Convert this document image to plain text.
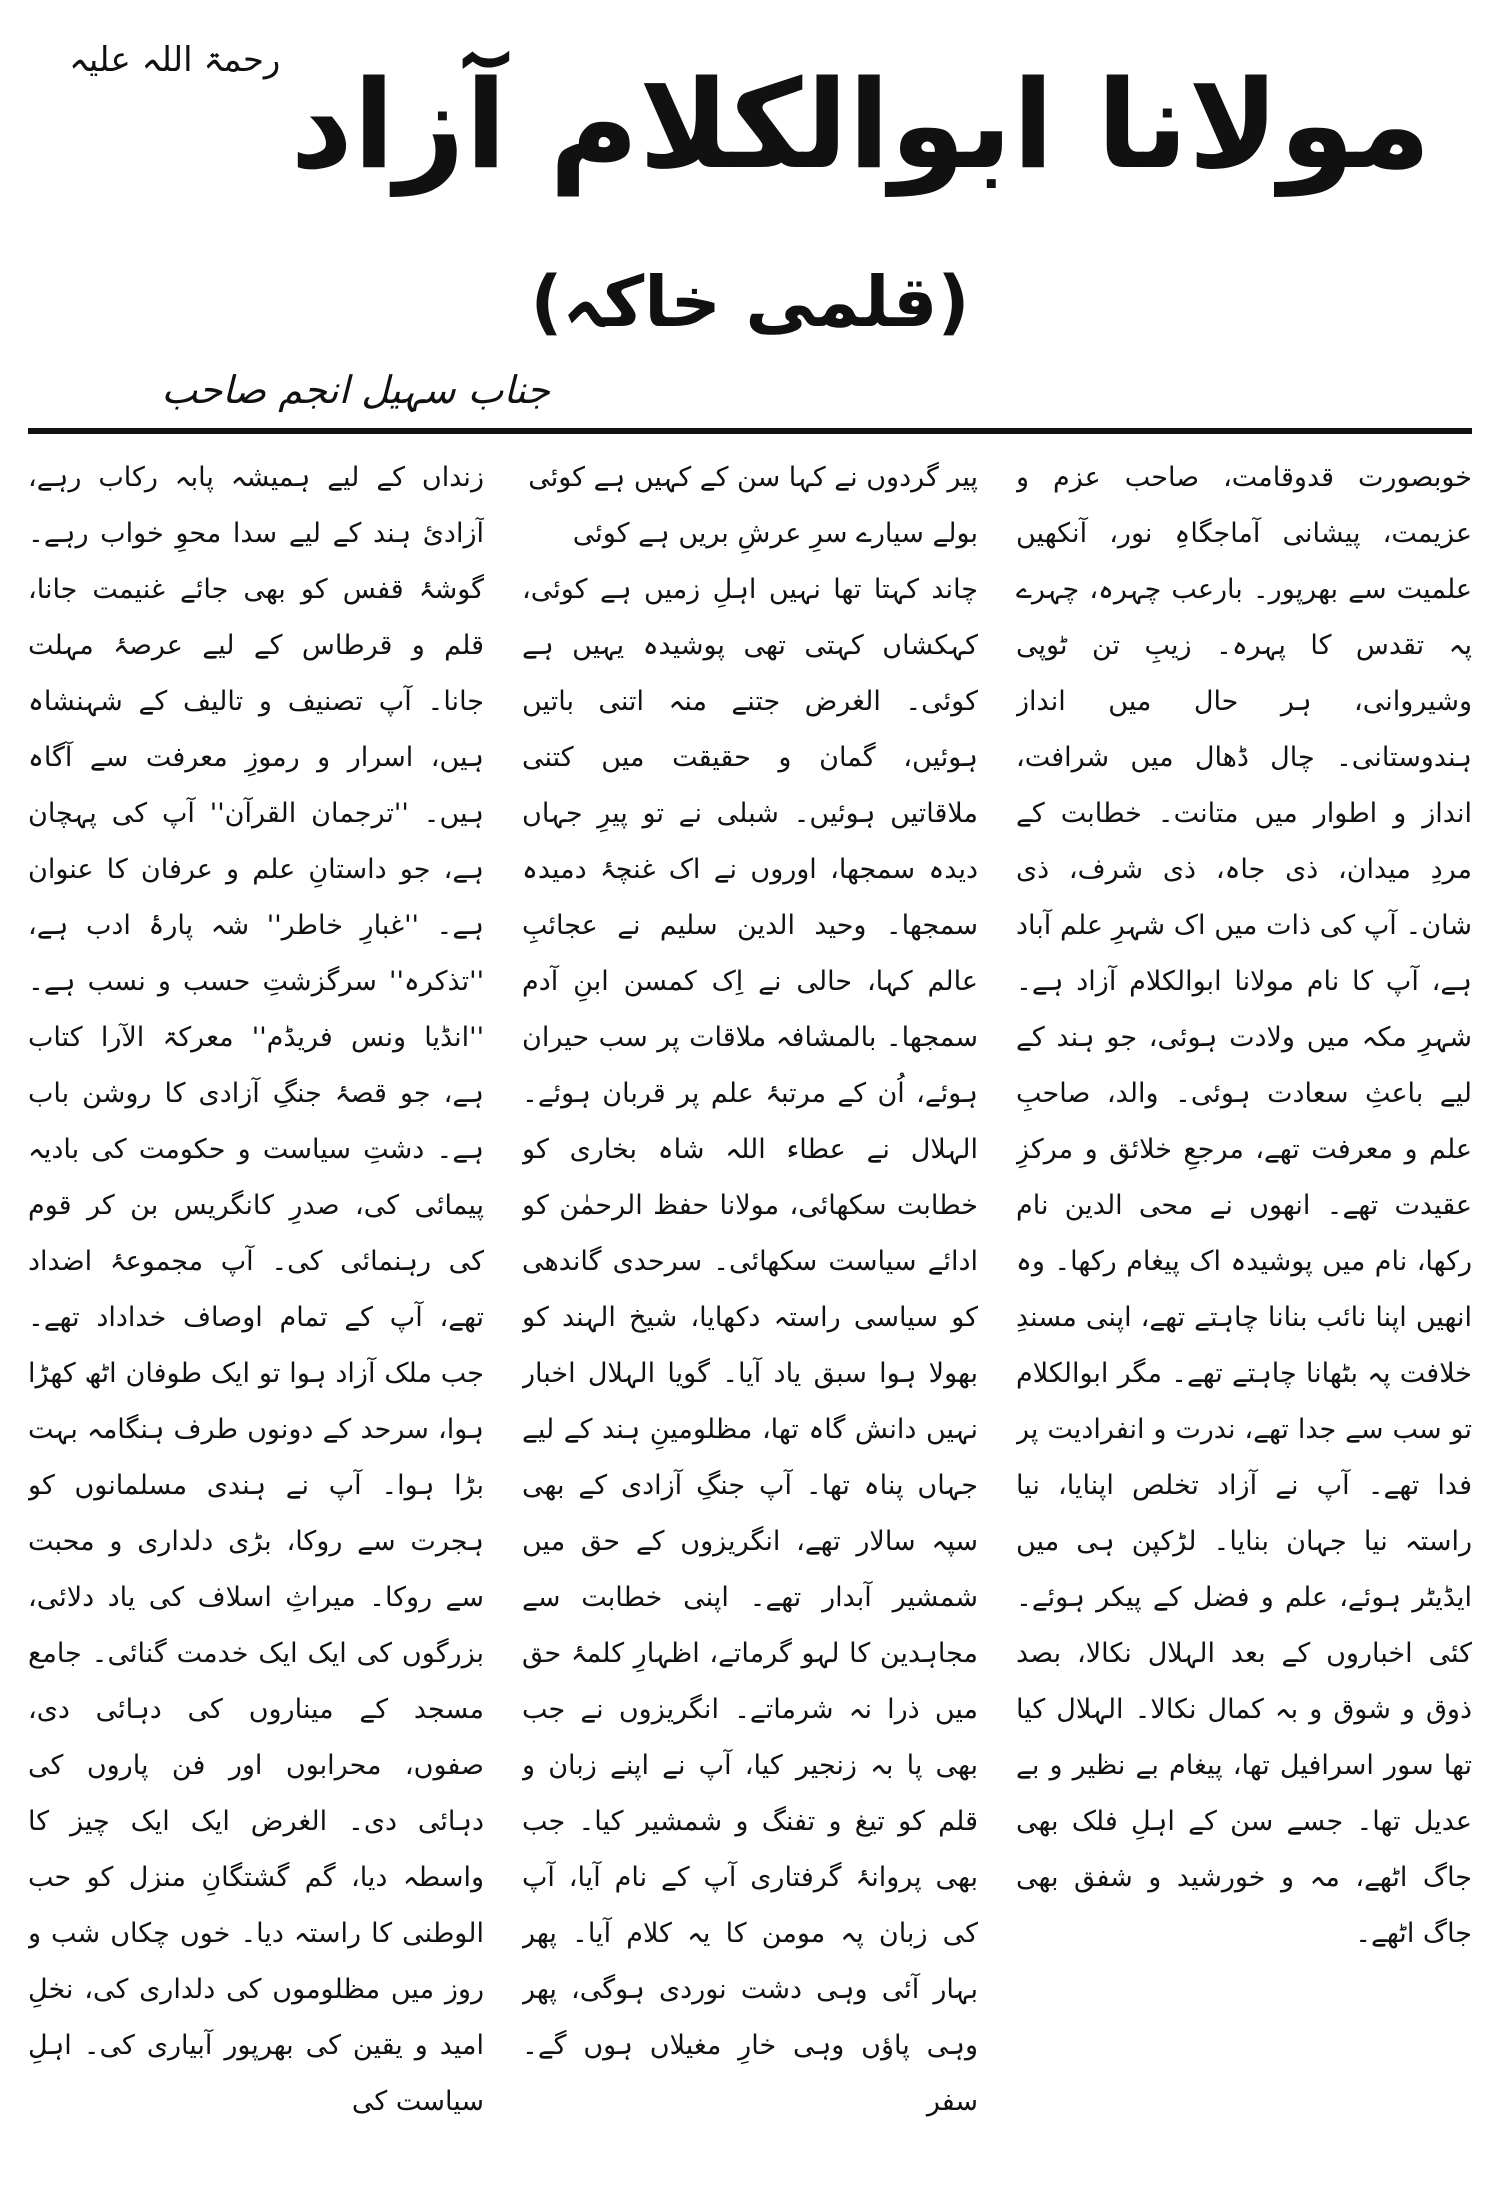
مولانا ابوالکلام آزاد$^{رحمۃ اللہ علیہ}$
(قلمی خاکہ)
جناب سہیل انجم صاحب

خوبصورت قدوقامت، صاحب عزم و عزیمت، پیشانی آماجگاہِ نور، آنکھیں علمیت سے بھرپور۔ بارعب چہرہ، چہرے پہ تقدس کا پہرہ۔ زیبِ تن ٹوپی وشیروانی، ہر حال میں انداز ہندوستانی۔ چال ڈھال میں شرافت، انداز و اطوار میں متانت۔ خطابت کے مردِ میدان، ذی جاہ، ذی شرف، ذی شان۔ آپ کی ذات میں اک شہرِ علم آباد ہے، آپ کا نام مولانا ابوالکلام آزاد ہے۔ شہرِ مکہ میں ولادت ہوئی، جو ہند کے لیے باعثِ سعادت ہوئی۔ والد، صاحبِ علم و معرفت تھے، مرجعِ خلائق و مرکزِ عقیدت تھے۔ انھوں نے محی الدین نام رکھا، نام میں پوشیدہ اک پیغام رکھا۔ وہ انھیں اپنا نائب بنانا چاہتے تھے، اپنی مسندِ خلافت پہ بٹھانا چاہتے تھے۔ مگر ابوالکلام تو سب سے جدا تھے، ندرت و انفرادیت پر فدا تھے۔ آپ نے آزاد تخلص اپنایا، نیا راستہ نیا جہان بنایا۔ لڑکپن ہی میں ایڈیٹر ہوئے، علم و فضل کے پیکر ہوئے۔ کئی اخباروں کے بعد الہلال نکالا، بصد ذوق و شوق و بہ کمال نکالا۔ الہلال کیا تھا سور اسرافیل تھا، پیغام بے نظیر و بے عدیل تھا۔ جسے سن کے اہلِ فلک بھی جاگ اٹھے، مہ و خورشید و شفق بھی جاگ اٹھے۔

پیر گردوں نے کہا سن کے کہیں ہے کوئی

بولے سیارے سرِ عرشِ بریں ہے کوئی

چاند کہتا تھا نہیں اہلِ زمیں ہے کوئی، کہکشاں کہتی تھی پوشیدہ یہیں ہے کوئی۔ الغرض جتنے منہ اتنی باتیں ہوئیں، گمان و حقیقت میں کتنی ملاقاتیں ہوئیں۔ شبلی نے تو پیرِ جہاں دیدہ سمجھا، اوروں نے اک غنچۂ دمیدہ سمجھا۔ وحید الدین سلیم نے عجائبِ عالم کہا، حالی نے اِک کمسن ابنِ آدم سمجھا۔ بالمشافہ ملاقات پر سب حیران ہوئے، اُن کے مرتبۂ علم پر قربان ہوئے۔ الہلال نے عطاء اللہ شاہ بخاری کو خطابت سکھائی، مولانا حفظ الرحمٰن کو ادائے سیاست سکھائی۔ سرحدی گاندھی کو سیاسی راستہ دکھایا، شیخ الہند کو بھولا ہوا سبق یاد آیا۔ گویا الہلال اخبار نہیں دانش گاہ تھا، مظلومینِ ہند کے لیے جہاں پناہ تھا۔ آپ جنگِ آزادی کے بھی سپہ سالار تھے، انگریزوں کے حق میں شمشیر آبدار تھے۔ اپنی خطابت سے مجاہدین کا لہو گرماتے، اظہارِ کلمۂ حق میں ذرا نہ شرماتے۔ انگریزوں نے جب بھی پا بہ زنجیر کیا، آپ نے اپنے زبان و قلم کو تیغ و تفنگ و شمشیر کیا۔ جب بھی پروانۂ گرفتاری آپ کے نام آیا، آپ کی زبان پہ مومن کا یہ کلام آیا۔ پھر بہار آئی وہی دشت نوردی ہوگی، پھر وہی پاؤں وہی خارِ مغیلاں ہوں گے۔ سفر

زنداں کے لیے ہمیشہ پابہ رکاب رہے، آزادئ ہند کے لیے سدا محوِ خواب رہے۔ گوشۂ قفس کو بھی جائے غنیمت جانا، قلم و قرطاس کے لیے عرصۂ مہلت جانا۔ آپ تصنیف و تالیف کے شہنشاہ ہیں، اسرار و رموزِ معرفت سے آگاہ ہیں۔ ''ترجمان القرآن'' آپ کی پہچان ہے، جو داستانِ علم و عرفان کا عنوان ہے۔ ''غبارِ خاطر'' شہ پارۂ ادب ہے، ''تذکرہ'' سرگزشتِ حسب و نسب ہے۔ ''انڈیا ونس فریڈم'' معرکۃ الآرا کتاب ہے، جو قصۂ جنگِ آزادی کا روشن باب ہے۔ دشتِ سیاست و حکومت کی بادیہ پیمائی کی، صدرِ کانگریس بن کر قوم کی رہنمائی کی۔ آپ مجموعۂ اضداد تھے، آپ کے تمام اوصاف خداداد تھے۔ جب ملک آزاد ہوا تو ایک طوفان اٹھ کھڑا ہوا، سرحد کے دونوں طرف ہنگامہ بہت بڑا ہوا۔ آپ نے ہندی مسلمانوں کو ہجرت سے روکا، بڑی دلداری و محبت سے روکا۔ میراثِ اسلاف کی یاد دلائی، بزرگوں کی ایک ایک خدمت گنائی۔ جامع مسجد کے میناروں کی دہائی دی، صفوں، محرابوں اور فن پاروں کی دہائی دی۔ الغرض ایک ایک چیز کا واسطہ دیا، گم گشتگانِ منزل کو حب الوطنی کا راستہ دیا۔ خوں چکاں شب و روز میں مظلوموں کی دلداری کی، نخلِ امید و یقین کی بھرپور آبیاری کی۔ اہلِ سیاست کی
